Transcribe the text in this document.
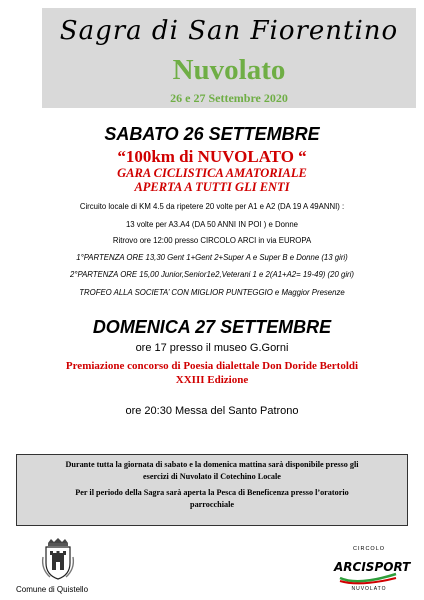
Sagra di San Fiorentino
Nuvolato
26 e 27 Settembre 2020
SABATO 26 SETTEMBRE
“100km di NUVOLATO “
GARA CICLISTICA AMATORIALE
APERTA A TUTTI GLI ENTI
Circuito locale di KM 4.5 da ripetere 20 volte per A1 e A2 (DA 19 A 49ANNI) :
13 volte per A3.A4 (DA 50 ANNI IN POI ) e Donne
Ritrovo ore 12:00 presso CIRCOLO ARCI in via EUROPA
1°PARTENZA ORE 13,30 Gent 1+Gent 2+Super A e Super B e Donne (13 giri)
2°PARTENZA ORE 15,00 Junior,Senior1e2,Veterani 1 e 2(A1+A2= 19-49) (20 giri)
TROFEO ALLA SOCIETA’ CON MIGLIOR PUNTEGGIO e Maggior Presenze
DOMENICA 27 SETTEMBRE
ore 17 presso il museo G.Gorni
Premiazione concorso di Poesia dialettale Don Doride Bertoldi
XXIII Edizione
ore 20:30 Messa del Santo Patrono

Durante tutta la giornata di sabato e la domenica mattina sarà disponibile presso gli
esercizi di Nuvolato il Cotechino Locale

Per il periodo della Sagra sarà aperta la Pesca di Beneficenza presso l’oratorio
parrocchiale

Comune di Quistello
CIRCOLO
ARCISPORT
NUVOLATO
